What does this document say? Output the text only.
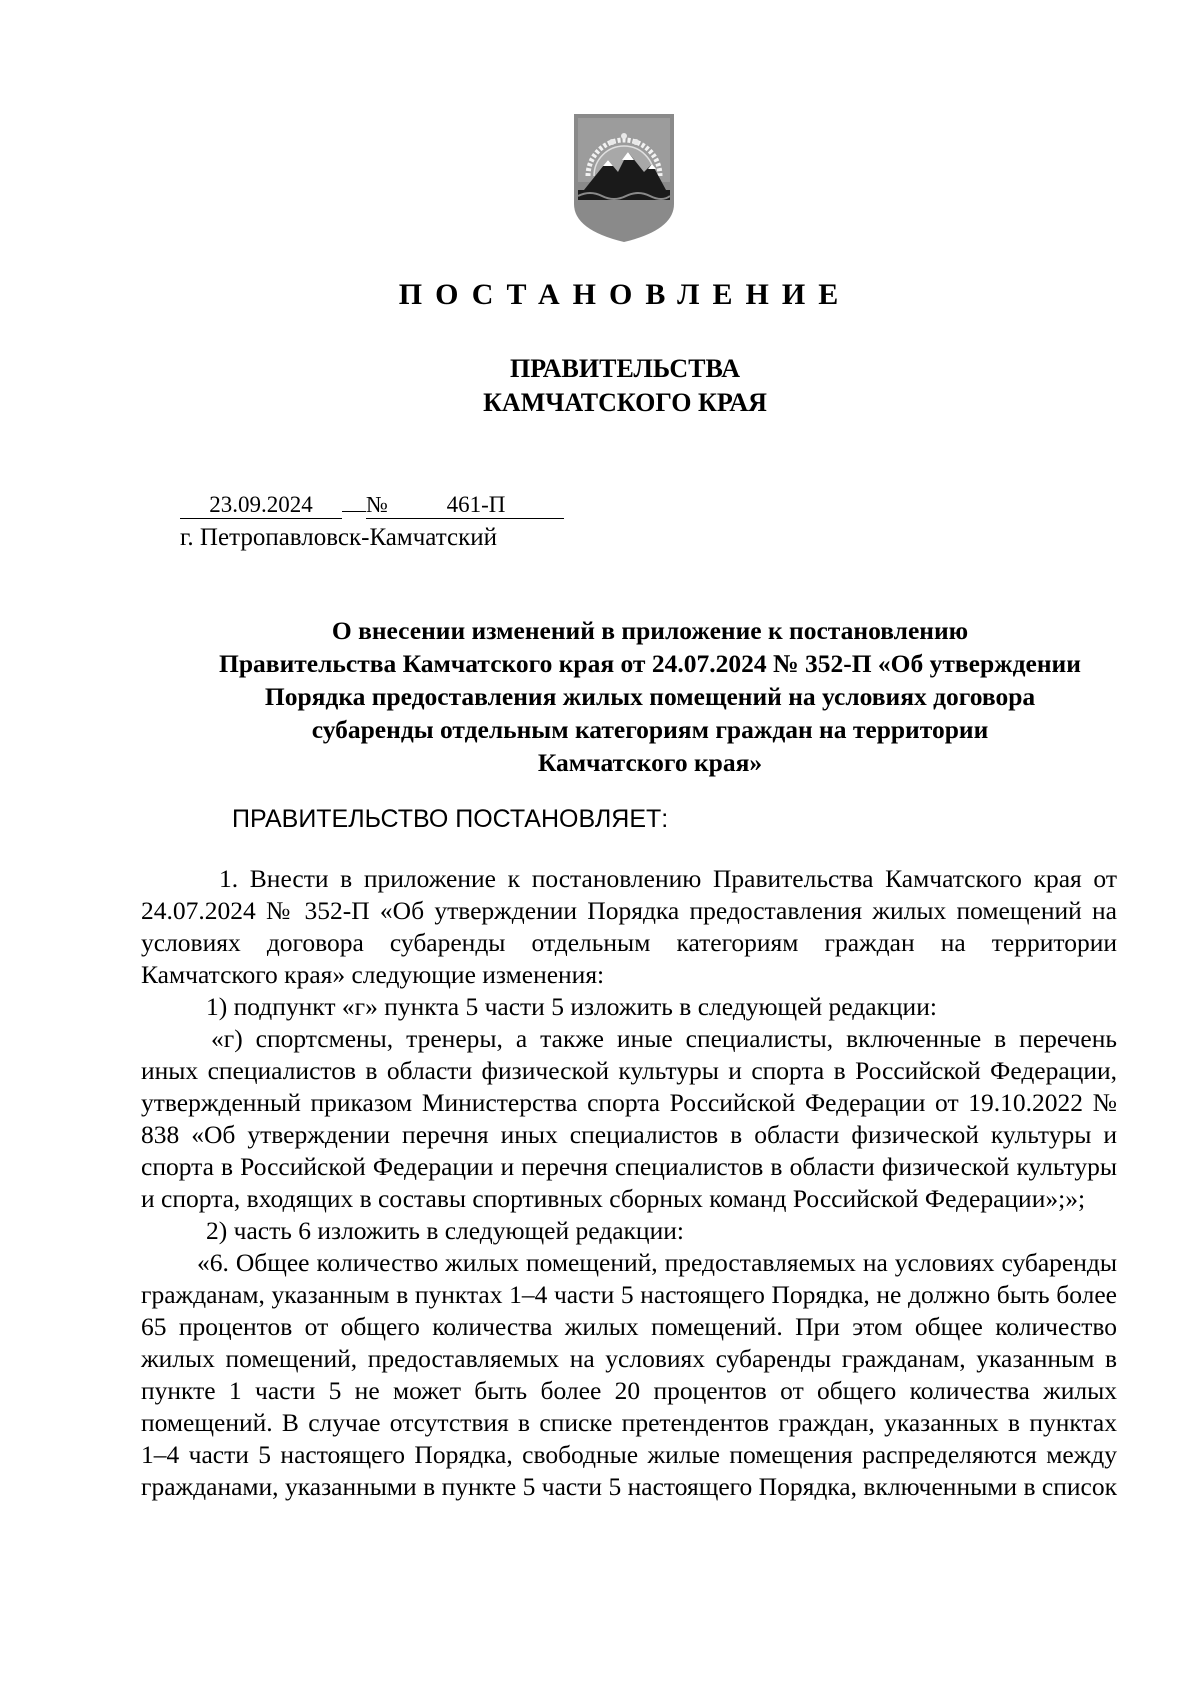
ПОСТАНОВЛЕНИЕ
ПРАВИТЕЛЬСТВА
КАМЧАТСКОГО КРАЯ
23.09.2024 №	461-П
г. Петропавловск-Камчатский
О внесении изменений в приложение к постановлению
Правительства Камчатского края от 24.07.2024 № 352-П «Об утверждении
Порядка предоставления жилых помещений на условиях договора
субаренды отдельным категориям граждан на территории
Камчатского края»
ПРАВИТЕЛЬСТВО ПОСТАНОВЛЯЕТ:

1. Внести в приложение к постановлению Правительства Камчатского края от 24.07.2024 № 352-П «Об утверждении Порядка предоставления жилых помещений на условиях договора субаренды отдельным категориям граждан на территории Камчатского края» следующие изменения:

1) подпункт «г» пункта 5 части 5 изложить в следующей редакции:

«г) спортсмены, тренеры, а также иные специалисты, включенные в перечень иных специалистов в области физической культуры и спорта в Российской Федерации, утвержденный приказом Министерства спорта Российской Федерации от 19.10.2022 № 838 «Об утверждении перечня иных специалистов в области физической культуры и спорта в Российской Федерации и перечня специалистов в области физической культуры и спорта, входящих в составы спортивных сборных команд Российской Федерации»;»;

2) часть 6 изложить в следующей редакции:

«6. Общее количество жилых помещений, предоставляемых на условиях субаренды гражданам, указанным в пунктах 1–4 части 5 настоящего Порядка, не должно быть более 65 процентов от общего количества жилых помещений. При этом общее количество жилых помещений, предоставляемых на условиях субаренды гражданам, указанным в пункте 1 части 5 не может быть более 20 процентов от общего количества жилых помещений. В случае отсутствия в списке претендентов граждан, указанных в пунктах 1–4 части 5 настоящего Порядка, свободные жилые помещения распределяются между гражданами, указанными в пункте 5 части 5 настоящего Порядка, включенными в список
